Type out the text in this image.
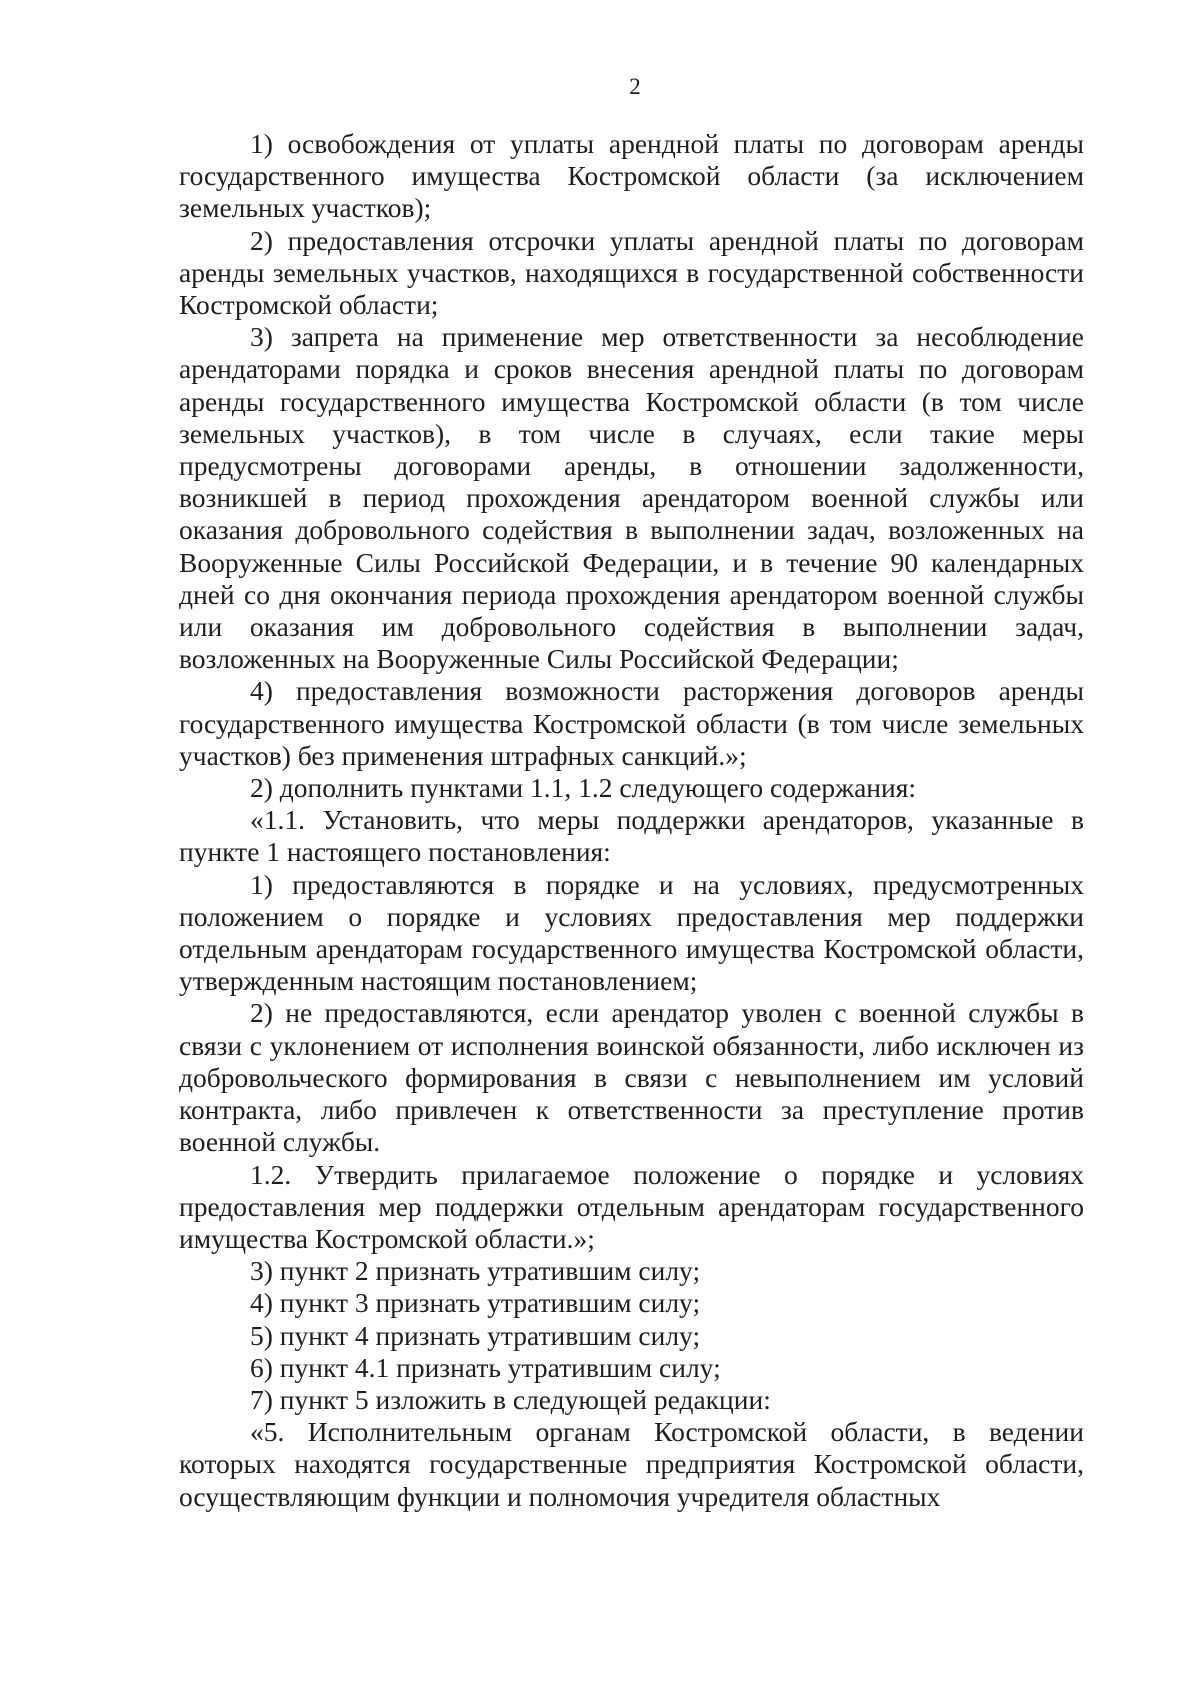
2

1) освобождения от уплаты арендной платы по договорам аренды государственного имущества Костромской области (за исключением земельных участков);

2) предоставления отсрочки уплаты арендной платы по договорам аренды земельных участков, находящихся в государственной собственности Костромской области;

3) запрета на применение мер ответственности за несоблюдение арендаторами порядка и сроков внесения арендной платы по договорам аренды государственного имущества Костромской области (в том числе земельных участков), в том числе в случаях, если такие меры предусмотрены договорами аренды, в отношении задолженности, возникшей в период прохождения арендатором военной службы или оказания добровольного содействия в выполнении задач, возложенных на Вооруженные Силы Российской Федерации, и в течение 90 календарных дней со дня окончания периода прохождения арендатором военной службы или оказания им добровольного содействия в выполнении задач, возложенных на Вооруженные Силы Российской Федерации;

4) предоставления возможности расторжения договоров аренды государственного имущества Костромской области (в том числе земельных участков) без применения штрафных санкций.»;

2) дополнить пунктами 1.1, 1.2 следующего содержания:

«1.1. Установить, что меры поддержки арендаторов, указанные в пункте 1 настоящего постановления:

1) предоставляются в порядке и на условиях, предусмотренных положением о порядке и условиях предоставления мер поддержки отдельным арендаторам государственного имущества Костромской области, утвержденным настоящим постановлением;

2) не предоставляются, если арендатор уволен с военной службы в связи с уклонением от исполнения воинской обязанности, либо исключен из добровольческого формирования в связи с невыполнением им условий контракта, либо привлечен к ответственности за преступление против военной службы.

1.2. Утвердить прилагаемое положение о порядке и условиях предоставления мер поддержки отдельным арендаторам государственного имущества Костромской области.»;

3) пункт 2 признать утратившим силу;

4) пункт 3 признать утратившим силу;

5) пункт 4 признать утратившим силу;

6) пункт 4.1 признать утратившим силу;

7) пункт 5 изложить в следующей редакции:

«5. Исполнительным органам Костромской области, в ведении которых находятся государственные предприятия Костромской области, осуществляющим функции и полномочия учредителя областных
